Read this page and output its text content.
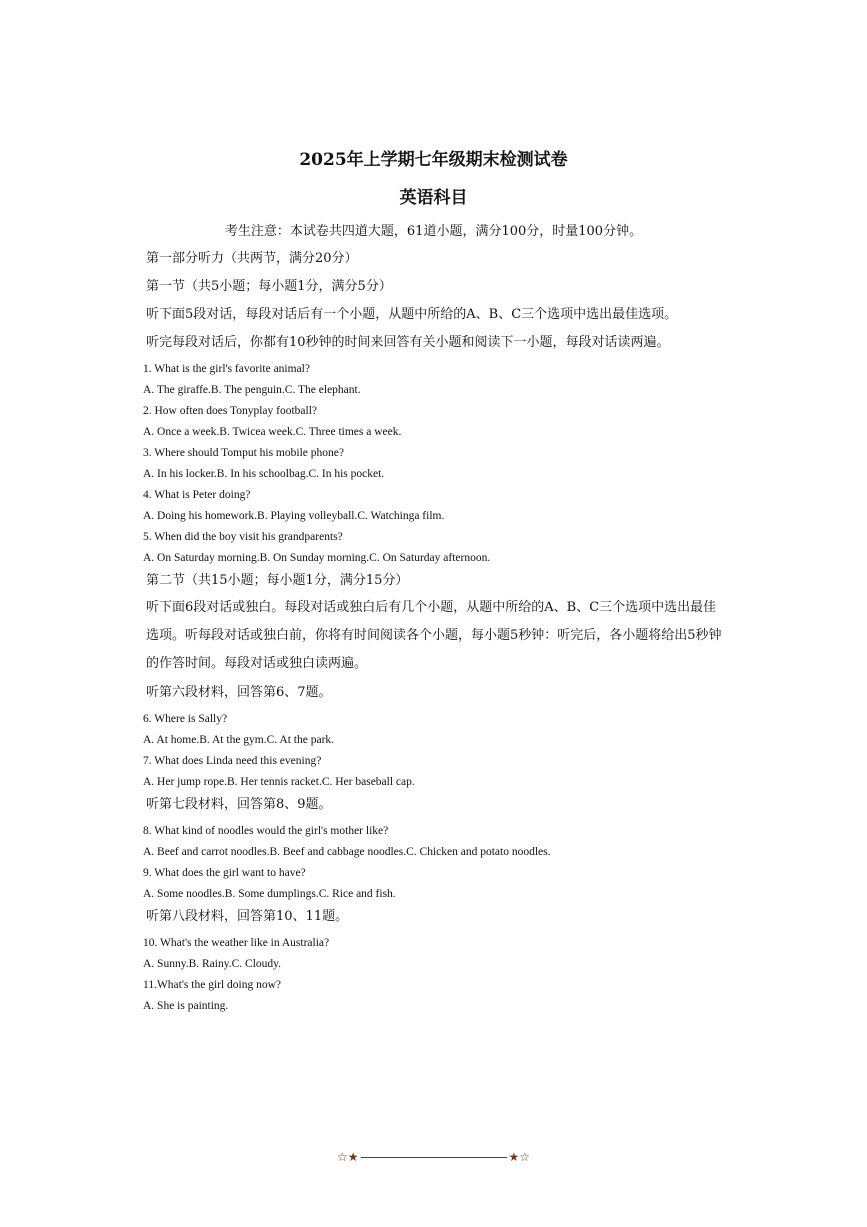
2025年上学期七年级期末检测试卷
英语科目
考生注意：本试卷共四道大题，61道小题，满分100分，时量100分钟。
第一部分听力（共两节，满分20分）
第一节（共5小题；每小题1分，满分5分）
听下面5段对话，每段对话后有一个小题，从题中所给的A、B、C三个选项中选出最佳选项。
听完每段对话后，你都有10秒钟的时间来回答有关小题和阅读下一小题，每段对话读两遍。
1. What is the girl's favorite animal?
A. The giraffe.B. The penguin.C. The elephant.
2. How often does Tonyplay football?
A. Once a week.B. Twicea week.C. Three times a week.
3. Where should Tomput his mobile phone?
A. In his locker.B. In his schoolbag.C. In his pocket.
4. What is Peter doing?
A. Doing his homework.B. Playing volleyball.C. Watchinga film.
5. When did the boy visit his grandparents?
A. On Saturday morning.B. On Sunday morning.C. On Saturday afternoon.
第二节（共15小题；每小题1分，满分15分）
听下面6段对话或独白。每段对话或独白后有几个小题，从题中所给的A、B、C三个选项中选出最佳选项。听每段对话或独白前，你将有时间阅读各个小题，每小题5秒钟：听完后，各小题将给出5秒钟的作答时间。每段对话或独白读两遍。
听第六段材料，回答第6、7题。
6. Where is Sally?
A. At home.B. At the gym.C. At the park.
7. What does Linda need this evening?
A. Her jump rope.B. Her tennis racket.C. Her baseball cap.
听第七段材料，回答第8、9题。
8. What kind of noodles would the girl's mother like?
A. Beef and carrot noodles.B. Beef and cabbage noodles.C. Chicken and potato noodles.
9. What does the girl want to have?
A. Some noodles.B. Some dumplings.C. Rice and fish.
听第八段材料，回答第10、11题。
10. What's the weather like in Australia?
A. Sunny.B. Rainy.C. Cloudy.
11.What's the girl doing now?
A. She is painting.
☆★	★☆
